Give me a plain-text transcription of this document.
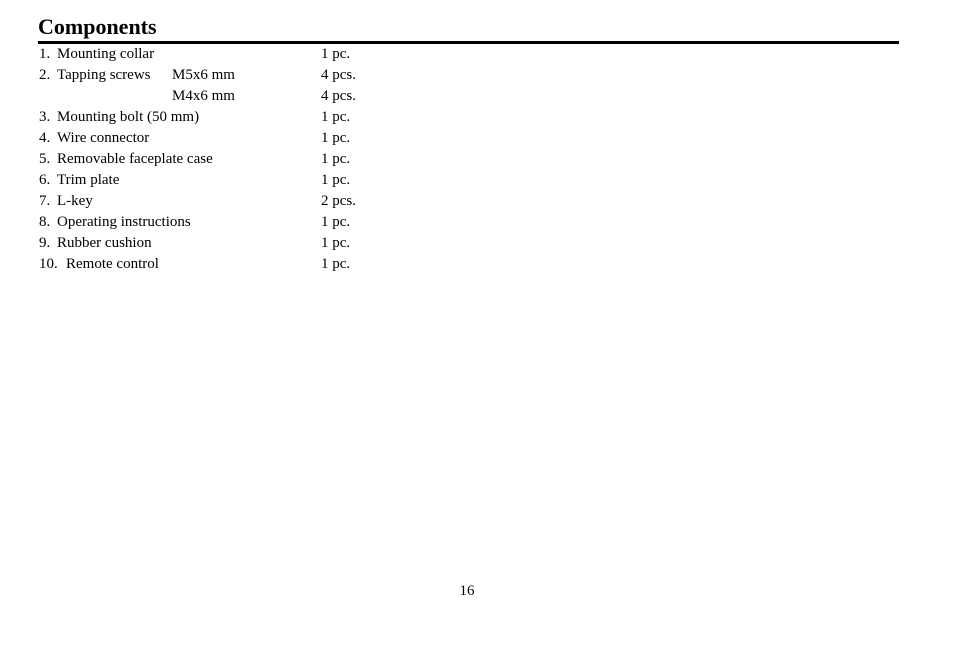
Components
1. Mounting collar	1 pc.
2. Tapping screws M5x6 mm	4 pcs.
M4x6 mm	4 pcs.
3. Mounting bolt (50 mm)	1 pc.
4. Wire connector	1 pc.
5. Removable faceplate case	1 pc.
6. Trim plate	1 pc.
7. L-key	2 pcs.
8. Operating instructions	1 pc.
9. Rubber cushion	1 pc.
10. Remote control	1 pc.
16
